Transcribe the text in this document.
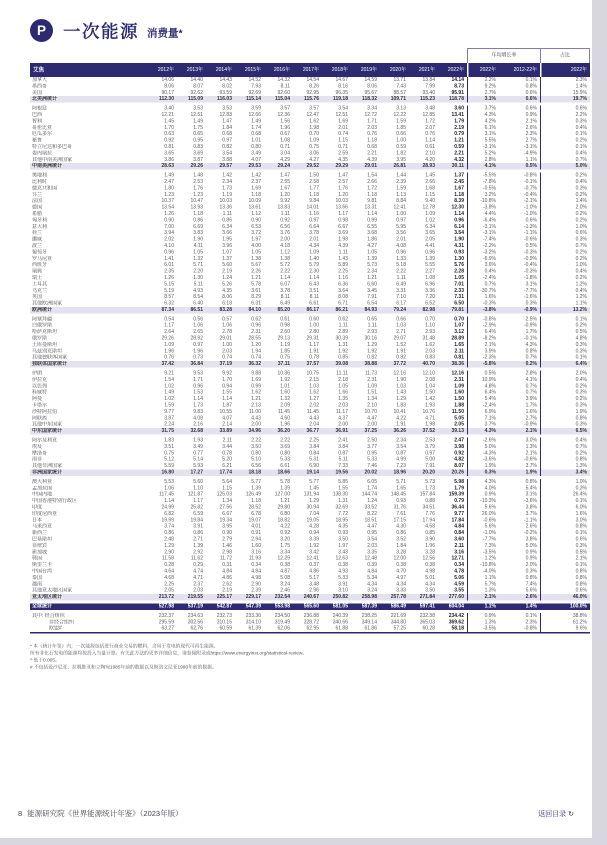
P 一次能源 消费量*
年均增长率	占比
艾焦	2012年	2013年	2014年	2015年	2016年	2017年	2018年	2019年	2020年	2021年	2022年	2022年	2012-22年	2022年
加拿大	14.06	14.40	14.43	14.52	14.32	14.54	14.67	14.59	13.71	13.84	14.14	2.2%	0.1%	2.3%
墨西哥	8.06	8.07	8.02	7.93	8.11	8.26	8.16	8.06	7.43	7.99	8.73	9.2%	0.8%	1.4%
美国	90.17	92.62	93.59	92.69	92.60	92.95	96.35	95.67	88.57	93.40	95.91	2.7%	0.6%	15.9%
北美洲统计	112.30	115.09	116.03	115.14	115.04	115.76	119.18	118.32	109.71	115.23	118.78	3.1%	0.6%	19.7%
阿根廷	3.40	3.53	3.53	3.59	3.57	3.57	3.54	3.34	3.13	3.48	3.60	3.7%	0.6%	0.6%
巴西	12.21	12.51	12.83	12.66	12.36	12.47	12.51	12.72	12.22	12.85	13.41	4.3%	0.9%	2.2%
智利	1.45	1.49	1.47	1.49	1.56	1.62	1.69	1.71	1.59	1.72	1.79	4.2%	2.1%	0.3%
哥伦比亚	1.70	1.75	1.84	1.74	1.96	1.98	2.01	2.03	1.85	2.07	2.19	6.1%	2.6%	0.4%
厄瓜多尔	0.63	0.65	0.68	0.68	0.67	0.70	0.74	0.76	0.66	0.76	0.79	3.1%	2.3%	0.1%
秘鲁	0.92	0.95	0.97	1.01	1.08	1.09	1.15	1.18	1.00	1.14	1.21	5.5%	2.7%	0.2%
特立尼达和多巴哥	0.81	0.83	0.82	0.80	0.71	0.75	0.71	0.68	0.59	0.61	0.59	-3.1%	-3.1%	0.1%
委内瑞拉	3.65	3.69	3.54	3.49	3.04	3.06	2.59	2.21	1.82	2.10	2.21	5.2%	-4.9%	0.4%
其他中南美洲国家	3.86	3.87	3.88	4.07	4.29	4.27	4.35	4.39	3.95	4.20	4.32	2.8%	1.1%	0.7%
中南美洲统计	28.63	29.26	29.57	29.53	29.24	29.52	29.29	29.01	26.81	28.93	30.11	4.1%	0.5%	5.0%
奥地利	1.49	1.48	1.42	1.42	1.47	1.50	1.47	1.54	1.44	1.45	1.37	-5.5%	-0.8%	0.2%
比利时	2.47	2.53	2.34	2.37	2.55	2.58	2.57	2.66	2.39	2.66	2.45	-7.8%	-0.1%	0.4%
捷克共和国	1.80	1.76	1.73	1.69	1.67	1.77	1.76	1.72	1.59	1.68	1.67	-0.5%	-0.7%	0.3%
芬兰	1.23	1.23	1.19	1.18	1.20	1.18	1.20	1.18	1.13	1.15	1.18	3.2%	-0.4%	0.2%
法国	10.37	10.47	10.03	10.09	9.92	9.84	10.03	9.81	8.84	9.40	8.39	-10.8%	-2.1%	1.4%
德国	13.54	13.93	13.36	13.61	13.83	14.01	13.66	13.31	12.41	12.78	12.30	-3.8%	-1.0%	2.0%
希腊	1.26	1.18	1.11	1.12	1.11	1.16	1.17	1.14	1.00	1.09	1.14	4.4%	-1.0%	0.2%
匈牙利	0.90	0.86	0.86	0.90	0.92	0.97	0.98	0.99	0.97	1.02	0.96	-6.4%	0.6%	0.2%
意大利	7.00	6.69	6.34	6.53	6.56	6.64	6.67	6.55	5.95	6.34	6.14	-3.1%	-1.3%	1.0%
荷兰	3.94	3.83	3.66	3.72	3.76	3.78	3.69	3.68	3.56	3.65	3.54	-3.1%	-1.1%	0.6%
挪威	2.02	1.90	1.95	1.97	2.00	2.01	1.98	1.86	2.01	2.05	1.90	-7.4%	-0.6%	0.3%
波兰	4.10	4.11	3.96	4.00	4.18	4.34	4.39	4.27	4.08	4.41	4.31	-2.2%	0.5%	0.7%
葡萄牙	0.96	1.05	1.07	1.05	1.12	1.09	1.11	1.05	0.96	0.96	0.93	-3.2%	-0.3%	0.2%
罗马尼亚	1.41	1.32	1.37	1.38	1.38	1.40	1.43	1.39	1.33	1.39	1.30	-6.9%	-0.9%	0.2%
西班牙	6.01	5.71	5.60	5.67	5.72	5.79	5.89	5.73	5.18	5.55	5.76	3.6%	-0.4%	1.0%
瑞典	2.35	2.20	2.19	2.26	2.22	2.30	2.25	2.34	2.22	2.27	2.28	0.4%	-0.3%	0.4%
瑞士	1.26	1.30	1.24	1.21	1.14	1.14	1.16	1.21	1.11	1.08	1.05	-2.4%	-1.8%	0.2%
土耳其	5.15	5.11	5.26	5.78	6.07	6.43	6.36	6.60	6.49	6.96	7.01	0.7%	3.1%	1.2%
乌克兰	5.19	4.93	4.35	3.61	3.78	3.51	3.64	3.45	3.31	3.36	2.33	-30.7%	-7.7%	0.4%
英国	8.57	8.54	8.06	8.29	8.11	8.11	8.08	7.91	7.10	7.20	7.31	1.6%	-1.6%	1.2%
其他欧洲国家	6.32	6.40	6.18	6.31	6.49	6.61	6.71	6.54	6.17	6.52	6.50	-0.3%	0.3%	1.1%
欧洲统计	87.34	86.51	83.28	84.10	85.20	86.17	86.21	84.93	79.24	82.98	79.81	-3.8%	-0.9%	13.2%
阿塞拜疆	0.54	0.56	0.57	0.62	0.61	0.60	0.62	0.65	0.66	0.70	0.70	-0.8%	2.5%	0.1%
白俄罗斯	1.17	1.06	1.06	0.96	0.98	1.00	1.11	1.11	1.03	1.10	1.07	-2.9%	-0.9%	0.2%
哈萨克斯坦	2.64	2.65	2.78	2.31	2.60	2.80	2.89	2.93	2.71	2.93	3.12	6.4%	1.7%	0.5%
俄罗斯	29.26	28.92	29.01	28.55	29.13	29.31	30.39	30.16	29.07	31.48	28.89	-8.2%	-0.1%	4.8%
土库曼斯坦	1.09	0.97	1.00	1.20	1.19	1.17	1.31	1.29	1.52	1.62	1.65	2.1%	4.3%	0.3%
乌兹别克斯坦	1.96	1.96	2.03	1.94	1.85	1.91	1.92	1.92	1.91	2.03	2.11	3.9%	0.8%	0.3%
其他独联体国家	0.76	0.73	0.74	0.74	0.75	0.78	0.85	0.82	0.82	0.83	0.81	-2.3%	0.7%	0.1%
独联体国家统计	37.42	36.84	37.19	36.32	37.11	37.57	39.08	38.88	37.72	40.70	38.36	-5.8%	0.2%	6.4%
伊朗	9.21	9.53	9.92	9.88	10.36	10.75	11.11	11.73	12.16	12.10	12.16	0.5%	2.8%	2.0%
伊拉克	1.54	1.71	1.70	1.69	1.92	2.15	2.18	2.31	1.90	2.08	2.31	10.9%	4.1%	0.4%
以色列	1.02	0.96	0.94	0.99	1.01	1.03	1.05	1.09	1.03	1.04	1.09	4.8%	0.7%	0.2%
科威特	1.49	1.53	1.55	1.62	1.60	1.62	1.66	1.51	1.43	1.50	1.60	6.4%	0.7%	0.3%
阿曼	1.02	1.14	1.14	1.21	1.32	1.27	1.35	1.34	1.29	1.42	1.50	5.4%	3.9%	0.2%
卡塔尔	1.59	1.73	1.87	2.13	2.09	2.02	2.03	2.10	1.83	1.93	1.88	-2.4%	1.7%	0.3%
沙特阿拉伯	9.77	9.83	10.55	11.00	11.45	11.45	11.17	10.70	10.41	10.76	11.50	6.9%	1.6%	1.9%
阿联酋	3.87	4.08	4.07	4.43	4.60	4.43	4.37	4.47	4.22	4.71	5.05	7.1%	2.7%	0.8%
其他中东国家	2.24	2.16	2.14	2.00	1.96	2.04	2.00	2.00	1.91	1.98	2.05	3.7%	-0.9%	0.3%
中东国家统计	31.75	32.68	33.89	34.96	36.20	36.77	36.91	37.25	36.26	37.52	39.13	4.3%	2.1%	6.5%
阿尔及利亚	1.83	1.93	2.11	2.22	2.22	2.25	2.41	2.50	2.34	2.53	2.47	-2.6%	3.0%	0.4%
埃及	3.51	3.49	3.44	3.50	3.69	3.84	3.84	3.77	3.54	3.79	3.98	5.0%	1.3%	0.7%
摩洛哥	0.75	0.77	0.78	0.80	0.80	0.84	0.87	0.95	0.87	0.97	0.92	-4.3%	2.1%	0.2%
南非	5.12	5.14	5.20	5.10	5.33	5.31	5.11	5.33	4.99	5.00	4.82	-3.6%	-0.6%	0.8%
其他非洲国家	5.59	5.93	6.21	6.56	6.61	6.90	7.33	7.46	7.23	7.91	8.07	1.9%	3.7%	1.3%
非洲国家统计	16.80	17.27	17.74	18.18	18.66	19.14	19.56	20.02	18.96	20.20	20.26	0.3%	1.9%	3.4%
澳大利亚	5.53	5.60	5.64	5.77	5.78	5.77	5.85	6.05	5.71	5.73	5.98	4.3%	0.8%	1.0%
孟加拉国	1.06	1.10	1.15	1.39	1.39	1.45	1.55	1.74	1.65	1.73	1.79	4.0%	5.4%	0.3%
中国内地	117.45	121.87	125.03	126.49	127.00	131.94	138.30	144.74	148.45	157.84	159.39	0.9%	3.1%	26.4%
中国香港特别行政区	1.14	1.17	1.34	1.18	1.21	1.29	1.31	1.24	0.93	0.88	0.79	-10.3%	-3.6%	0.1%
印度	24.99	25.82	27.56	28.52	29.80	30.94	32.69	33.52	31.76	34.51	36.44	5.6%	3.8%	6.0%
印度尼西亚	6.82	6.59	6.67	6.78	6.80	7.04	7.72	8.22	7.61	7.76	9.77	26.0%	3.7%	1.6%
日本	19.99	19.84	19.34	19.07	18.82	19.05	18.95	18.51	17.15	17.94	17.84	-0.6%	-1.1%	3.0%
马来西亚	3.74	3.91	3.95	4.01	4.22	4.28	4.35	4.47	4.30	4.58	4.84	5.6%	2.6%	0.8%
新西兰	0.86	0.86	0.90	0.91	0.92	0.94	0.93	0.95	0.86	0.85	0.84	-1.0%	-0.2%	0.1%
巴基斯坦	2.48	2.71	2.79	2.94	3.20	3.39	3.50	3.54	3.52	3.90	3.60	-7.7%	3.8%	0.6%
菲律宾	1.29	1.39	1.46	1.60	1.75	1.92	1.97	2.03	1.84	1.96	2.11	7.3%	5.0%	0.3%
新加坡	2.90	2.92	2.98	3.16	3.34	3.42	3.43	3.35	3.28	3.28	3.16	-3.5%	0.9%	0.5%
韩国	11.58	11.62	11.72	11.93	12.29	12.41	12.63	12.48	12.00	12.56	12.71	1.2%	0.9%	2.1%
斯里兰卡	0.28	0.29	0.31	0.34	0.38	0.37	0.38	0.39	0.38	0.38	0.34	-10.8%	2.0%	0.1%
中国台湾	4.64	4.74	4.84	4.84	4.87	4.86	4.93	4.84	4.70	4.98	4.78	-4.0%	0.3%	0.8%
泰国	4.68	4.71	4.86	4.98	5.08	5.17	5.33	5.34	4.97	5.01	5.06	1.1%	0.8%	0.8%
越南	2.25	2.37	2.62	2.90	3.24	3.48	3.91	4.34	4.34	4.34	4.59	5.7%	7.4%	0.8%
其他亚太地区国家	2.05	2.03	2.19	2.39	2.46	2.96	3.10	3.24	3.33	3.50	3.55	1.3%	5.6%	0.6%
亚太地区统计	213.72	219.55	225.17	229.17	232.54	240.67	250.82	258.98	257.78	271.84	277.60	2.1%	2.6%	46.0%
全球统计	527.98	537.19	542.87	547.39	553.98	565.60	581.05	587.39	586.49	597.41	604.04	1.1%	1.4%	100.0%
其中: 经合组织	232.37	234.63	232.73	233.30	234.50	236.88	240.39	238.25	221.69	232.38	234.42	0.9%	0.1%	38.8%
非经合组织	295.59	302.56	310.15	314.10	319.49	328.72	340.66	349.14	344.80	365.03	369.62	1.3%	2.3%	61.2%
欧盟#	63.27	62.76	60.59	61.39	62.06	62.95	61.88	61.86	57.25	60.28	58.18	-3.5%	-0.8%	9.6%
* 本《统计年鉴》内，一次能源包括进行商业交易的燃料，含用于发电的现代可再生能源。
所有非化石发电的能源均按投入当量计算。有关此方法的更多详细信息，请参阅附录或https://www.energyinst.org/statistical-review。
^ 低于0.005。
# 不包括爱沙尼亚、拉脱维亚和立陶宛1985年前的数据以及斯洛文尼亚1990年前的数据。
8 能源研究院《世界能源统计年鉴》（2023年版）	返回目录 ↻
